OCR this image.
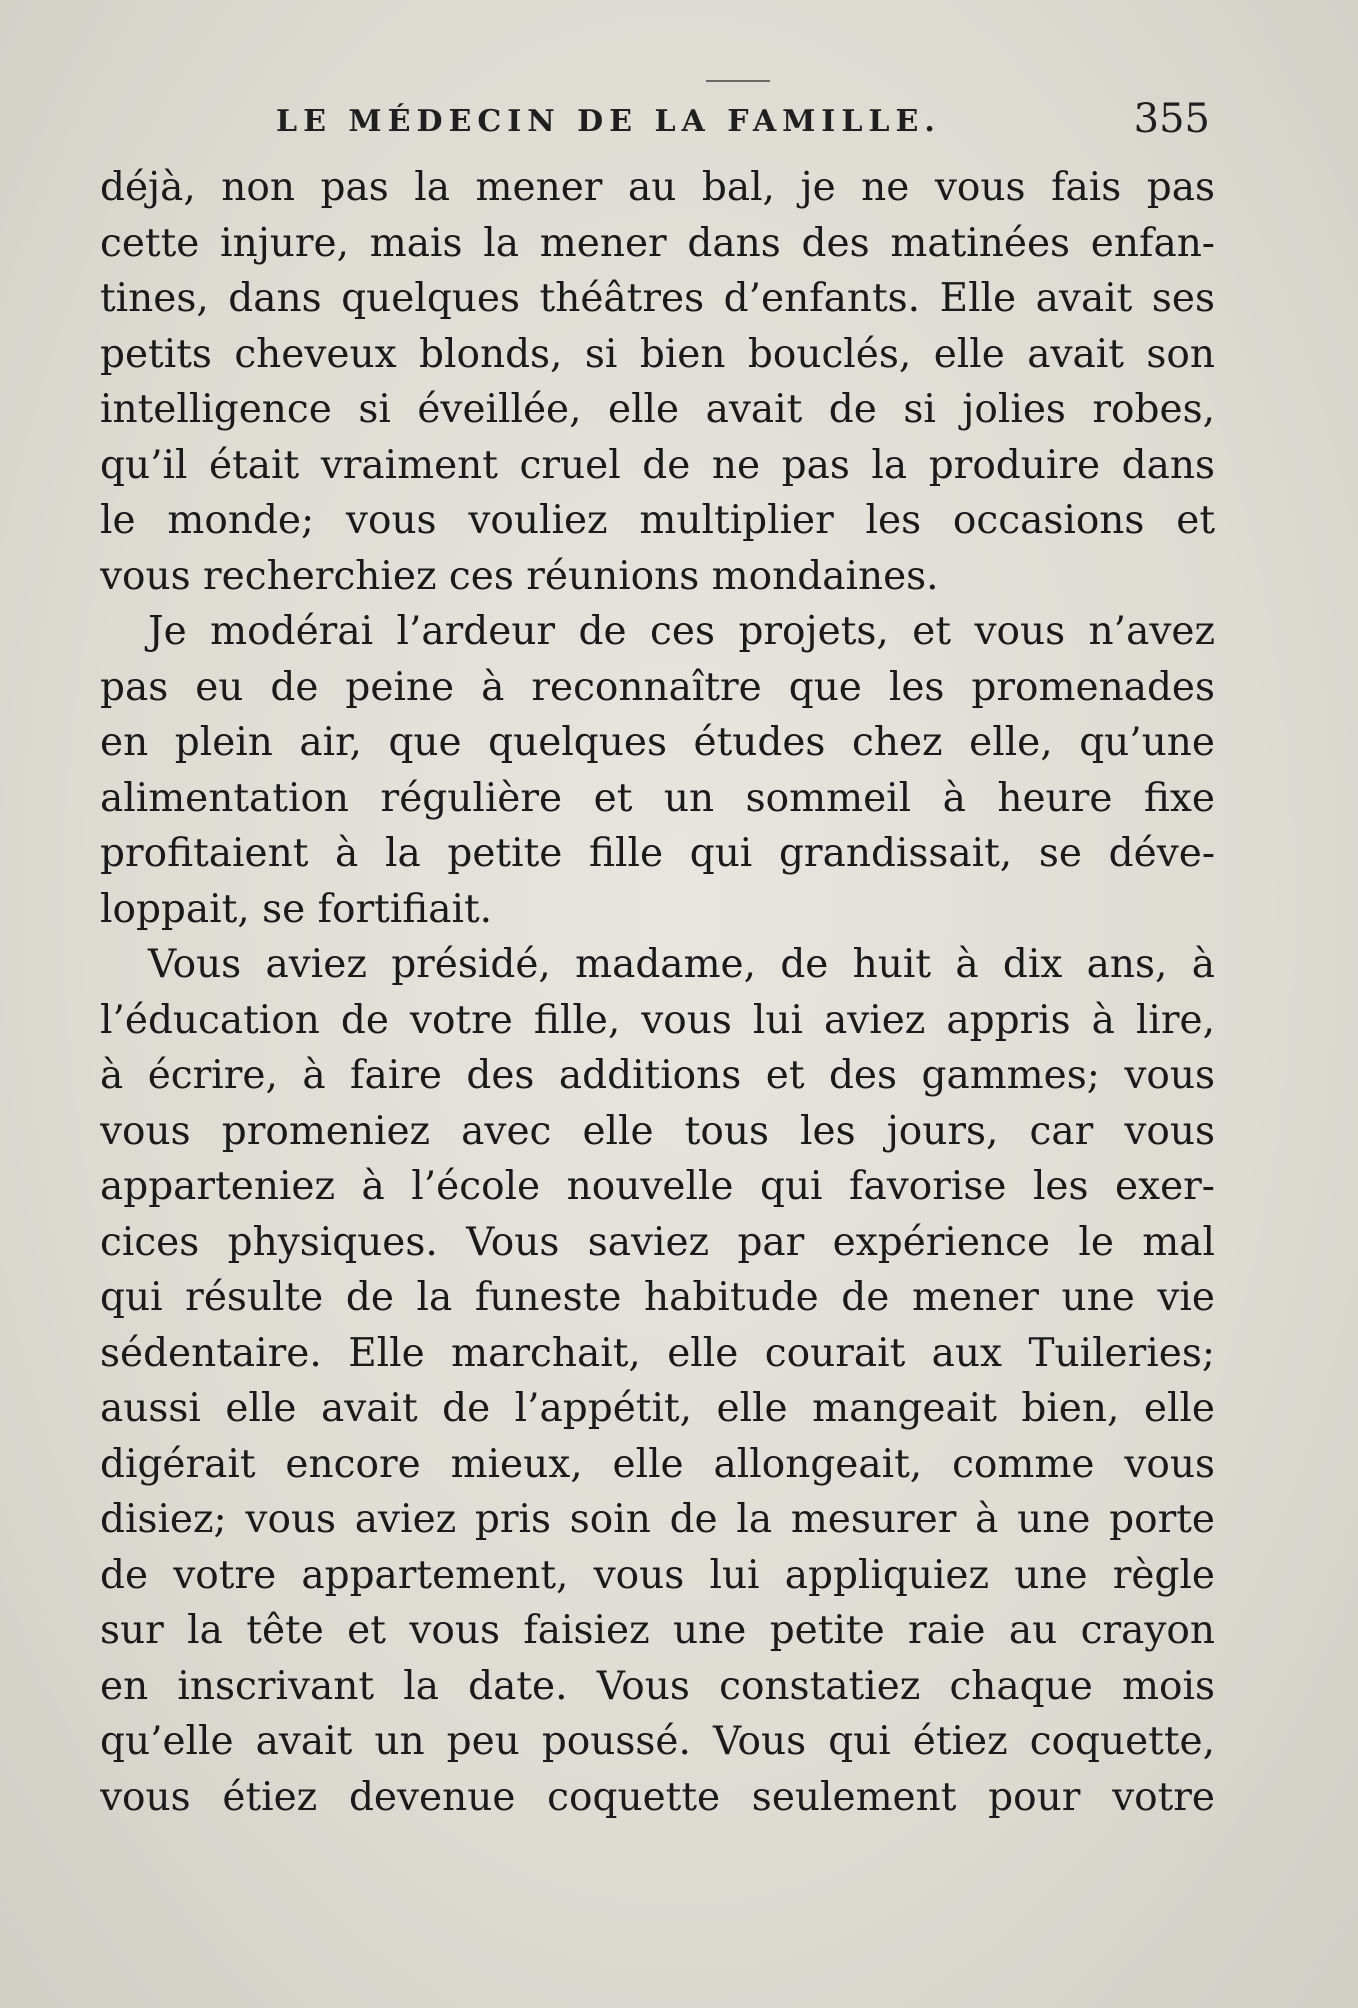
LE MÉDECIN DE LA FAMILLE.	355
déjà, non pas la mener au bal, je ne vous fais pas
cette injure, mais la mener dans des matinées enfan-
tines, dans quelques théâtres d’enfants. Elle avait ses
petits cheveux blonds, si bien bouclés, elle avait son
intelligence si éveillée, elle avait de si jolies robes,
qu’il était vraiment cruel de ne pas la produire dans
le monde; vous vouliez multiplier les occasions et
vous recherchiez ces réunions mondaines.
Je modérai l’ardeur de ces projets, et vous n’avez
pas eu de peine à reconnaître que les promenades
en plein air, que quelques études chez elle, qu’une
alimentation régulière et un sommeil à heure fixe
profitaient à la petite fille qui grandissait, se déve-
loppait, se fortifiait.
Vous aviez présidé, madame, de huit à dix ans, à
l’éducation de votre fille, vous lui aviez appris à lire,
à écrire, à faire des additions et des gammes; vous
vous promeniez avec elle tous les jours, car vous
apparteniez à l’école nouvelle qui favorise les exer-
cices physiques. Vous saviez par expérience le mal
qui résulte de la funeste habitude de mener une vie
sédentaire. Elle marchait, elle courait aux Tuileries;
aussi elle avait de l’appétit, elle mangeait bien, elle
digérait encore mieux, elle allongeait, comme vous
disiez; vous aviez pris soin de la mesurer à une porte
de votre appartement, vous lui appliquiez une règle
sur la tête et vous faisiez une petite raie au crayon
en inscrivant la date. Vous constatiez chaque mois
qu’elle avait un peu poussé. Vous qui étiez coquette,
vous étiez devenue coquette seulement pour votre
